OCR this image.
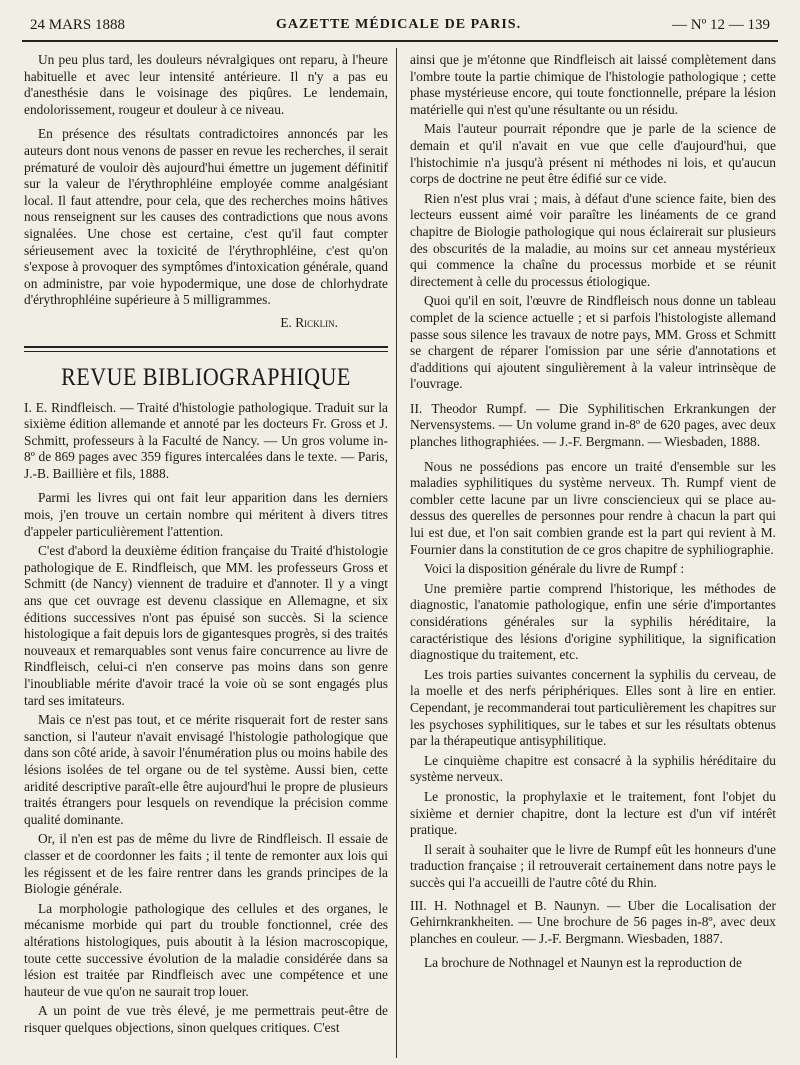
24 MARS 1888	GAZETTE MÉDICALE DE PARIS.	— Nº 12 — 139

Un peu plus tard, les douleurs névralgiques ont reparu, à l'heure habituelle et avec leur intensité antérieure. Il n'y a pas eu d'anesthésie dans le voisinage des piqûres. Le lendemain, endolorissement, rougeur et douleur à ce niveau.

En présence des résultats contradictoires annoncés par les auteurs dont nous venons de passer en revue les recherches, il serait prématuré de vouloir dès aujourd'hui émettre un jugement définitif sur la valeur de l'érythrophléine employée comme analgésiant local. Il faut attendre, pour cela, que des recherches moins hâtives nous renseignent sur les causes des contradictions que nous avons signalées. Une chose est certaine, c'est qu'il faut compter sérieusement avec la toxicité de l'érythrophléine, c'est qu'on s'expose à provoquer des symptômes d'intoxication générale, quand on administre, par voie hypodermique, une dose de chlorhydrate d'érythrophléine supérieure à 5 milligrammes.

E. Ricklin.
REVUE BIBLIOGRAPHIQUE

I. E. Rindfleisch. — Traité d'histologie pathologique. Traduit sur la sixième édition allemande et annoté par les docteurs Fr. Gross et J. Schmitt, professeurs à la Faculté de Nancy. — Un gros volume in-8º de 869 pages avec 359 figures intercalées dans le texte. — Paris, J.-B. Baillière et fils, 1888.

Parmi les livres qui ont fait leur apparition dans les derniers mois, j'en trouve un certain nombre qui méritent à divers titres d'appeler particulièrement l'attention.

C'est d'abord la deuxième édition française du Traité d'histologie pathologique de E. Rindfleisch, que MM. les professeurs Gross et Schmitt (de Nancy) viennent de traduire et d'annoter. Il y a vingt ans que cet ouvrage est devenu classique en Allemagne, et six éditions successives n'ont pas épuisé son succès. Si la science histologique a fait depuis lors de gigantesques progrès, si des traités nouveaux et remarquables sont venus faire concurrence au livre de Rindfleisch, celui-ci n'en conserve pas moins dans son genre l'inoubliable mérite d'avoir tracé la voie où se sont engagés plus tard ses imitateurs.

Mais ce n'est pas tout, et ce mérite risquerait fort de rester sans sanction, si l'auteur n'avait envisagé l'histologie pathologique que dans son côté aride, à savoir l'énumération plus ou moins habile des lésions isolées de tel organe ou de tel système. Aussi bien, cette aridité descriptive paraît-elle être aujourd'hui le propre de plusieurs traités étrangers pour lesquels on revendique la précision comme qualité dominante.

Or, il n'en est pas de même du livre de Rindfleisch. Il essaie de classer et de coordonner les faits ; il tente de remonter aux lois qui les régissent et de les faire rentrer dans les grands principes de la Biologie générale.

La morphologie pathologique des cellules et des organes, le mécanisme morbide qui part du trouble fonctionnel, crée des altérations histologiques, puis aboutit à la lésion macroscopique, toute cette successive évolution de la maladie considérée dans sa lésion est traitée par Rindfleisch avec une compétence et une hauteur de vue qu'on ne saurait trop louer.

A un point de vue très élevé, je me permettrais peut-être de risquer quelques objections, sinon quelques critiques. C'est

ainsi que je m'étonne que Rindfleisch ait laissé complètement dans l'ombre toute la partie chimique de l'histologie pathologique ; cette phase mystérieuse encore, qui toute fonctionnelle, prépare la lésion matérielle qui n'est qu'une résultante ou un résidu.

Mais l'auteur pourrait répondre que je parle de la science de demain et qu'il n'avait en vue que celle d'aujourd'hui, que l'histochimie n'a jusqu'à présent ni méthodes ni lois, et qu'aucun corps de doctrine ne peut être édifié sur ce vide.

Rien n'est plus vrai ; mais, à défaut d'une science faite, bien des lecteurs eussent aimé voir paraître les linéaments de ce grand chapitre de Biologie pathologique qui nous éclairerait sur plusieurs des obscurités de la maladie, au moins sur cet anneau mystérieux qui commence la chaîne du processus morbide et se réunit directement à celle du processus étiologique.

Quoi qu'il en soit, l'œuvre de Rindfleisch nous donne un tableau complet de la science actuelle ; et si parfois l'histologiste allemand passe sous silence les travaux de notre pays, MM. Gross et Schmitt se chargent de réparer l'omission par une série d'annotations et d'additions qui ajoutent singulièrement à la valeur intrinsèque de l'ouvrage.

II. Theodor Rumpf. — Die Syphilitischen Erkrankungen der Nervensystems. — Un volume grand in-8º de 620 pages, avec deux planches lithographiées. — J.-F. Bergmann. — Wiesbaden, 1888.

Nous ne possédions pas encore un traité d'ensemble sur les maladies syphilitiques du système nerveux. Th. Rumpf vient de combler cette lacune par un livre consciencieux qui se place au-dessus des querelles de personnes pour rendre à chacun la part qui lui est due, et l'on sait combien grande est la part qui revient à M. Fournier dans la constitution de ce gros chapitre de syphiliographie.

Voici la disposition générale du livre de Rumpf :

Une première partie comprend l'historique, les méthodes de diagnostic, l'anatomie pathologique, enfin une série d'importantes considérations générales sur la syphilis héréditaire, la caractéristique des lésions d'origine syphilitique, la signification diagnostique du traitement, etc.

Les trois parties suivantes concernent la syphilis du cerveau, de la moelle et des nerfs périphériques. Elles sont à lire en entier. Cependant, je recommanderai tout particulièrement les chapitres sur les psychoses syphilitiques, sur le tabes et sur les résultats obtenus par la thérapeutique antisyphilitique.

Le cinquième chapitre est consacré à la syphilis héréditaire du système nerveux.

Le pronostic, la prophylaxie et le traitement, font l'objet du sixième et dernier chapitre, dont la lecture est d'un vif intérêt pratique.

Il serait à souhaiter que le livre de Rumpf eût les honneurs d'une traduction française ; il retrouverait certainement dans notre pays le succès qui l'a accueilli de l'autre côté du Rhin.

III. H. Nothnagel et B. Naunyn. — Uber die Localisation der Gehirnkrankheiten. — Une brochure de 56 pages in-8º, avec deux planches en couleur. — J.-F. Bergmann. Wiesbaden, 1887.

La brochure de Nothnagel et Naunyn est la reproduction de
